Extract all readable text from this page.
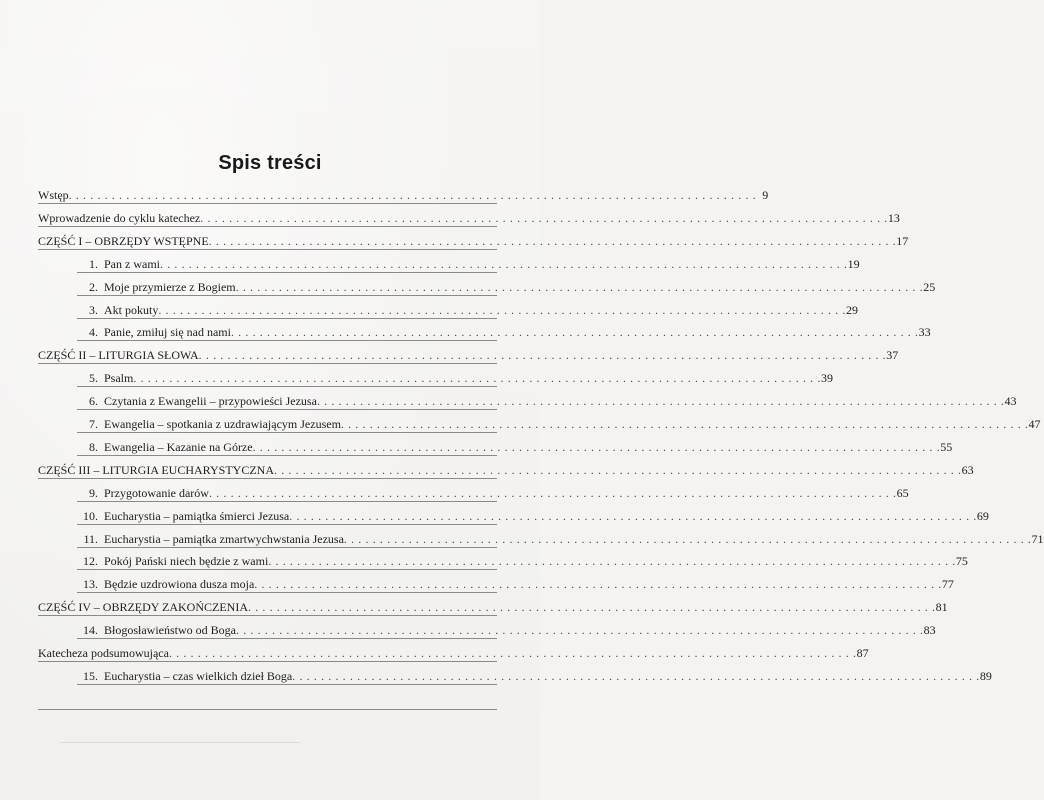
Spis treści
Wstęp . . . . . . . . . . . . . . . . . . . . . . . . . . . . . . . . . . . . . . . . . . . . . . . . . . . . . . . . . . . . . . . . . . . . . . . . . . . . . . . . . . . . . . . . . . . . . . . . 9
Wprowadzenie do cyklu katechez . . . . . . . . . . . . . . . . . . . . . . . . . . . . . . . . . . . . . . . . . . . . . . . . . . . . . . . . . . . . . . . . . . . . . . . . . . . . . . . . . . . . . . . . . . . . . . . . 13
CZĘŚĆ I – OBRZĘDY WSTĘPNE . . . . . . . . . . . . . . . . . . . . . . . . . . . . . . . . . . . . . . . . . . . . . . . . . . . . . . . . . . . . . . . . . . . . . . . . . . . . . . . . . . . . . . . . . . . . . . . . 17
1. Pan z wami . . . . . . . . . . . . . . . . . . . . . . . . . . . . . . . . . . . . . . . . . . . . . . . . . . . . . . . . . . . . . . . . . . . . . . . . . . . . . . . . . . . . . . . . . . . . . . . . 19
2. Moje przymierze z Bogiem . . . . . . . . . . . . . . . . . . . . . . . . . . . . . . . . . . . . . . . . . . . . . . . . . . . . . . . . . . . . . . . . . . . . . . . . . . . . . . . . . . . . . . . . . . . . . . . . 25
3. Akt pokuty . . . . . . . . . . . . . . . . . . . . . . . . . . . . . . . . . . . . . . . . . . . . . . . . . . . . . . . . . . . . . . . . . . . . . . . . . . . . . . . . . . . . . . . . . . . . . . . . 29
4. Panie, zmiłuj się nad nami . . . . . . . . . . . . . . . . . . . . . . . . . . . . . . . . . . . . . . . . . . . . . . . . . . . . . . . . . . . . . . . . . . . . . . . . . . . . . . . . . . . . . . . . . . . . . . . . 33
CZĘŚĆ II – LITURGIA SŁOWA . . . . . . . . . . . . . . . . . . . . . . . . . . . . . . . . . . . . . . . . . . . . . . . . . . . . . . . . . . . . . . . . . . . . . . . . . . . . . . . . . . . . . . . . . . . . . . . . 37
5. Psalm . . . . . . . . . . . . . . . . . . . . . . . . . . . . . . . . . . . . . . . . . . . . . . . . . . . . . . . . . . . . . . . . . . . . . . . . . . . . . . . . . . . . . . . . . . . . . . . . 39
6. Czytania z Ewangelii – przypowieści Jezusa . . . . . . . . . . . . . . . . . . . . . . . . . . . . . . . . . . . . . . . . . . . . . . . . . . . . . . . . . . . . . . . . . . . . . . . . . . . . . . . . . . . . . . . . . . . . . . . . 43
7. Ewangelia – spotkania z uzdrawiającym Jezusem . . . . . . . . . . . . . . . . . . . . . . . . . . . . . . . . . . . . . . . . . . . . . . . . . . . . . . . . . . . . . . . . . . . . . . . . . . . . . . . . . . . . . . . . . . . . . . . . 47
8. Ewangelia – Kazanie na Górze . . . . . . . . . . . . . . . . . . . . . . . . . . . . . . . . . . . . . . . . . . . . . . . . . . . . . . . . . . . . . . . . . . . . . . . . . . . . . . . . . . . . . . . . . . . . . . . . 55
CZĘŚĆ III – LITURGIA EUCHARYSTYCZNA . . . . . . . . . . . . . . . . . . . . . . . . . . . . . . . . . . . . . . . . . . . . . . . . . . . . . . . . . . . . . . . . . . . . . . . . . . . . . . . . . . . . . . . . . . . . . . . . 63
9. Przygotowanie darów . . . . . . . . . . . . . . . . . . . . . . . . . . . . . . . . . . . . . . . . . . . . . . . . . . . . . . . . . . . . . . . . . . . . . . . . . . . . . . . . . . . . . . . . . . . . . . . . 65
10. Eucharystia – pamiątka śmierci Jezusa . . . . . . . . . . . . . . . . . . . . . . . . . . . . . . . . . . . . . . . . . . . . . . . . . . . . . . . . . . . . . . . . . . . . . . . . . . . . . . . . . . . . . . . . . . . . . . . . 69
11. Eucharystia – pamiątka zmartwychwstania Jezusa . . . . . . . . . . . . . . . . . . . . . . . . . . . . . . . . . . . . . . . . . . . . . . . . . . . . . . . . . . . . . . . . . . . . . . . . . . . . . . . . . . . . . . . . . . . . . . . . 71
12. Pokój Pański niech będzie z wami . . . . . . . . . . . . . . . . . . . . . . . . . . . . . . . . . . . . . . . . . . . . . . . . . . . . . . . . . . . . . . . . . . . . . . . . . . . . . . . . . . . . . . . . . . . . . . . . 75
13. Będzie uzdrowiona dusza moja . . . . . . . . . . . . . . . . . . . . . . . . . . . . . . . . . . . . . . . . . . . . . . . . . . . . . . . . . . . . . . . . . . . . . . . . . . . . . . . . . . . . . . . . . . . . . . . . 77
CZĘŚĆ IV – OBRZĘDY ZAKOŃCZENIA . . . . . . . . . . . . . . . . . . . . . . . . . . . . . . . . . . . . . . . . . . . . . . . . . . . . . . . . . . . . . . . . . . . . . . . . . . . . . . . . . . . . . . . . . . . . . . . . 81
14. Błogosławieństwo od Boga . . . . . . . . . . . . . . . . . . . . . . . . . . . . . . . . . . . . . . . . . . . . . . . . . . . . . . . . . . . . . . . . . . . . . . . . . . . . . . . . . . . . . . . . . . . . . . . . 83
Katecheza podsumowująca . . . . . . . . . . . . . . . . . . . . . . . . . . . . . . . . . . . . . . . . . . . . . . . . . . . . . . . . . . . . . . . . . . . . . . . . . . . . . . . . . . . . . . . . . . . . . . . . 87
15. Eucharystia – czas wielkich dzieł Boga . . . . . . . . . . . . . . . . . . . . . . . . . . . . . . . . . . . . . . . . . . . . . . . . . . . . . . . . . . . . . . . . . . . . . . . . . . . . . . . . . . . . . . . . . . . . . . . . 89
